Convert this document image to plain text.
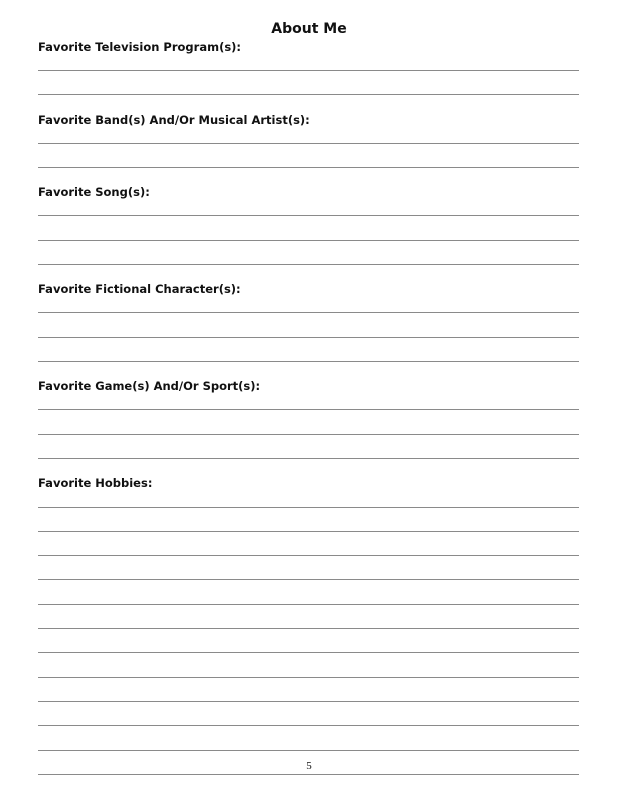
About Me
Favorite Television Program(s):
Favorite Band(s) And/Or Musical Artist(s):
Favorite Song(s):
Favorite Fictional Character(s):
Favorite Game(s) And/Or Sport(s):
Favorite Hobbies:
5
